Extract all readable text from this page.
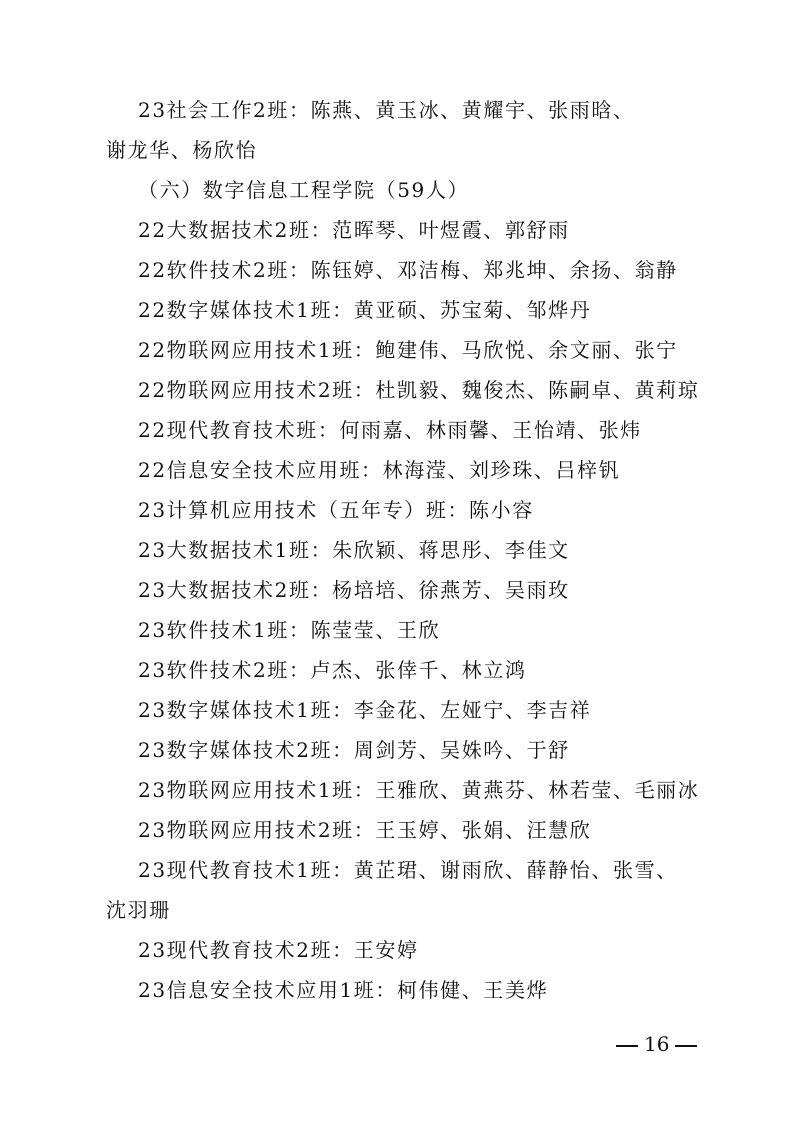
23社会工作2班：陈燕、黄玉冰、黄耀宇、张雨晗、
谢龙华、杨欣怡
（六）数字信息工程学院（59人）
22大数据技术2班：范晖琴、叶煜霞、郭舒雨
22软件技术2班：陈钰婷、邓洁梅、郑兆坤、余扬、翁静
22数字媒体技术1班：黄亚硕、苏宝菊、邹烨丹
22物联网应用技术1班：鲍建伟、马欣悦、余文丽、张宁
22物联网应用技术2班：杜凯毅、魏俊杰、陈嗣卓、黄莉琼
22现代教育技术班：何雨嘉、林雨馨、王怡靖、张炜
22信息安全技术应用班：林海滢、刘珍珠、吕梓钒
23计算机应用技术（五年专）班：陈小容
23大数据技术1班：朱欣颖、蒋思彤、李佳文
23大数据技术2班：杨培培、徐燕芳、吴雨玫
23软件技术1班：陈莹莹、王欣
23软件技术2班：卢杰、张倖千、林立鸿
23数字媒体技术1班：李金花、左娅宁、李吉祥
23数字媒体技术2班：周剑芳、吴姝吟、于舒
23物联网应用技术1班：王雅欣、黄燕芬、林若莹、毛丽冰
23物联网应用技术2班：王玉婷、张娟、汪慧欣
23现代教育技术1班：黄芷珺、谢雨欣、薛静怡、张雪、
沈羽珊
23现代教育技术2班：王安婷
23信息安全技术应用1班：柯伟健、王美烨
16
